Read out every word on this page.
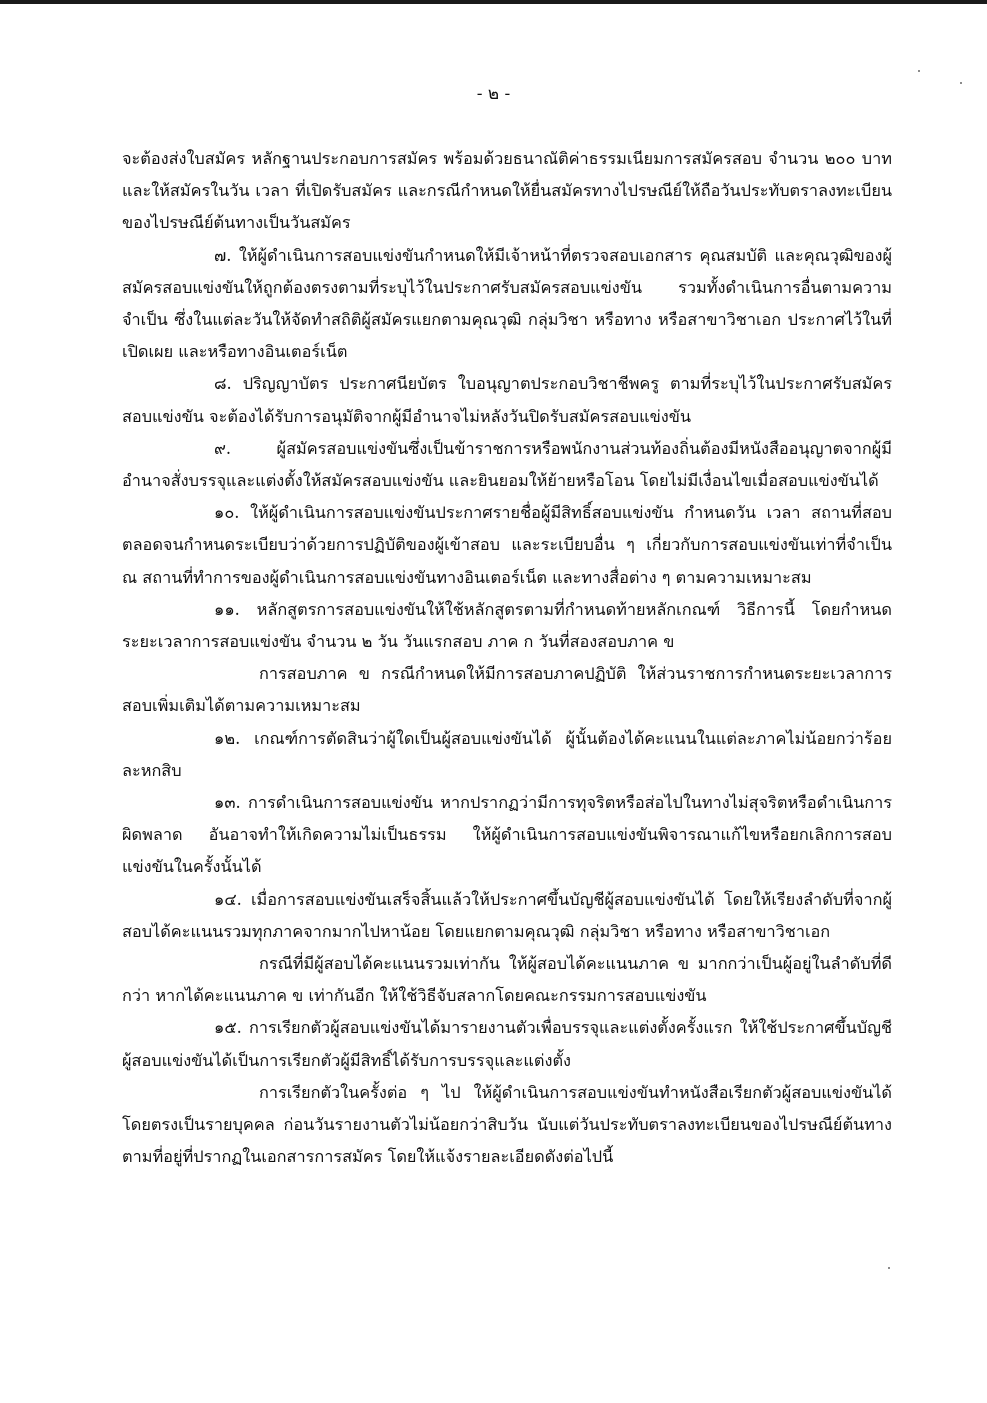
- ๒ -

จะต้องส่งใบสมัคร หลักฐานประกอบการสมัคร พร้อมด้วยธนาณัติค่าธรรมเนียมการสมัครสอบ จำนวน ๒๐๐ บาท และให้สมัครในวัน เวลา ที่เปิดรับสมัคร และกรณีกำหนดให้ยื่นสมัครทางไปรษณีย์ให้ถือวันประทับตราลงทะเบียนของไปรษณีย์ต้นทางเป็นวันสมัคร

๗. ให้ผู้ดำเนินการสอบแข่งขันกำหนดให้มีเจ้าหน้าที่ตรวจสอบเอกสาร คุณสมบัติ และคุณวุฒิของผู้สมัครสอบแข่งขันให้ถูกต้องตรงตามที่ระบุไว้ในประกาศรับสมัครสอบแข่งขัน รวมทั้งดำเนินการอื่นตามความจำเป็น ซึ่งในแต่ละวันให้จัดทำสถิติผู้สมัครแยกตามคุณวุฒิ กลุ่มวิชา หรือทาง หรือสาขาวิชาเอก ประกาศไว้ในที่เปิดเผย และหรือทางอินเตอร์เน็ต

๘. ปริญญาบัตร ประกาศนียบัตร ใบอนุญาตประกอบวิชาชีพครู ตามที่ระบุไว้ในประกาศรับสมัครสอบแข่งขัน จะต้องได้รับการอนุมัติจากผู้มีอำนาจไม่หลังวันปิดรับสมัครสอบแข่งขัน

๙. ผู้สมัครสอบแข่งขันซึ่งเป็นข้าราชการหรือพนักงานส่วนท้องถิ่นต้องมีหนังสืออนุญาตจากผู้มีอำนาจสั่งบรรจุและแต่งตั้งให้สมัครสอบแข่งขัน และยินยอมให้ย้ายหรือโอน โดยไม่มีเงื่อนไขเมื่อสอบแข่งขันได้

๑๐. ให้ผู้ดำเนินการสอบแข่งขันประกาศรายชื่อผู้มีสิทธิ์สอบแข่งขัน กำหนดวัน เวลา สถานที่สอบตลอดจนกำหนดระเบียบว่าด้วยการปฏิบัติของผู้เข้าสอบ และระเบียบอื่น ๆ เกี่ยวกับการสอบแข่งขันเท่าที่จำเป็น ณ สถานที่ทำการของผู้ดำเนินการสอบแข่งขันทางอินเตอร์เน็ต และทางสื่อต่าง ๆ ตามความเหมาะสม

๑๑. หลักสูตรการสอบแข่งขันให้ใช้หลักสูตรตามที่กำหนดท้ายหลักเกณฑ์ วิธีการนี้ โดยกำหนดระยะเวลาการสอบแข่งขัน จำนวน ๒ วัน วันแรกสอบ ภาค ก วันที่สองสอบภาค ข

การสอบภาค ข กรณีกำหนดให้มีการสอบภาคปฏิบัติ ให้ส่วนราชการกำหนดระยะเวลาการสอบเพิ่มเติมได้ตามความเหมาะสม

๑๒. เกณฑ์การตัดสินว่าผู้ใดเป็นผู้สอบแข่งขันได้ ผู้นั้นต้องได้คะแนนในแต่ละภาคไม่น้อยกว่าร้อยละหกสิบ

๑๓. การดำเนินการสอบแข่งขัน หากปรากฏว่ามีการทุจริตหรือส่อไปในทางไม่สุจริตหรือดำเนินการผิดพลาด อันอาจทำให้เกิดความไม่เป็นธรรม ให้ผู้ดำเนินการสอบแข่งขันพิจารณาแก้ไขหรือยกเลิกการสอบแข่งขันในครั้งนั้นได้

๑๔. เมื่อการสอบแข่งขันเสร็จสิ้นแล้วให้ประกาศขึ้นบัญชีผู้สอบแข่งขันได้ โดยให้เรียงลำดับที่จากผู้สอบได้คะแนนรวมทุกภาคจากมากไปหาน้อย โดยแยกตามคุณวุฒิ กลุ่มวิชา หรือทาง หรือสาขาวิชาเอก

กรณีที่มีผู้สอบได้คะแนนรวมเท่ากัน ให้ผู้สอบได้คะแนนภาค ข มากกว่าเป็นผู้อยู่ในลำดับที่ดีกว่า หากได้คะแนนภาค ข เท่ากันอีก ให้ใช้วิธีจับสลากโดยคณะกรรมการสอบแข่งขัน

๑๕. การเรียกตัวผู้สอบแข่งขันได้มารายงานตัวเพื่อบรรจุและแต่งตั้งครั้งแรก ให้ใช้ประกาศขึ้นบัญชีผู้สอบแข่งขันได้เป็นการเรียกตัวผู้มีสิทธิ์ได้รับการบรรจุและแต่งตั้ง

การเรียกตัวในครั้งต่อ ๆ ไป ให้ผู้ดำเนินการสอบแข่งขันทำหนังสือเรียกตัวผู้สอบแข่งขันได้โดยตรงเป็นรายบุคคล ก่อนวันรายงานตัวไม่น้อยกว่าสิบวัน นับแต่วันประทับตราลงทะเบียนของไปรษณีย์ต้นทางตามที่อยู่ที่ปรากฏในเอกสารการสมัคร โดยให้แจ้งรายละเอียดดังต่อไปนี้
